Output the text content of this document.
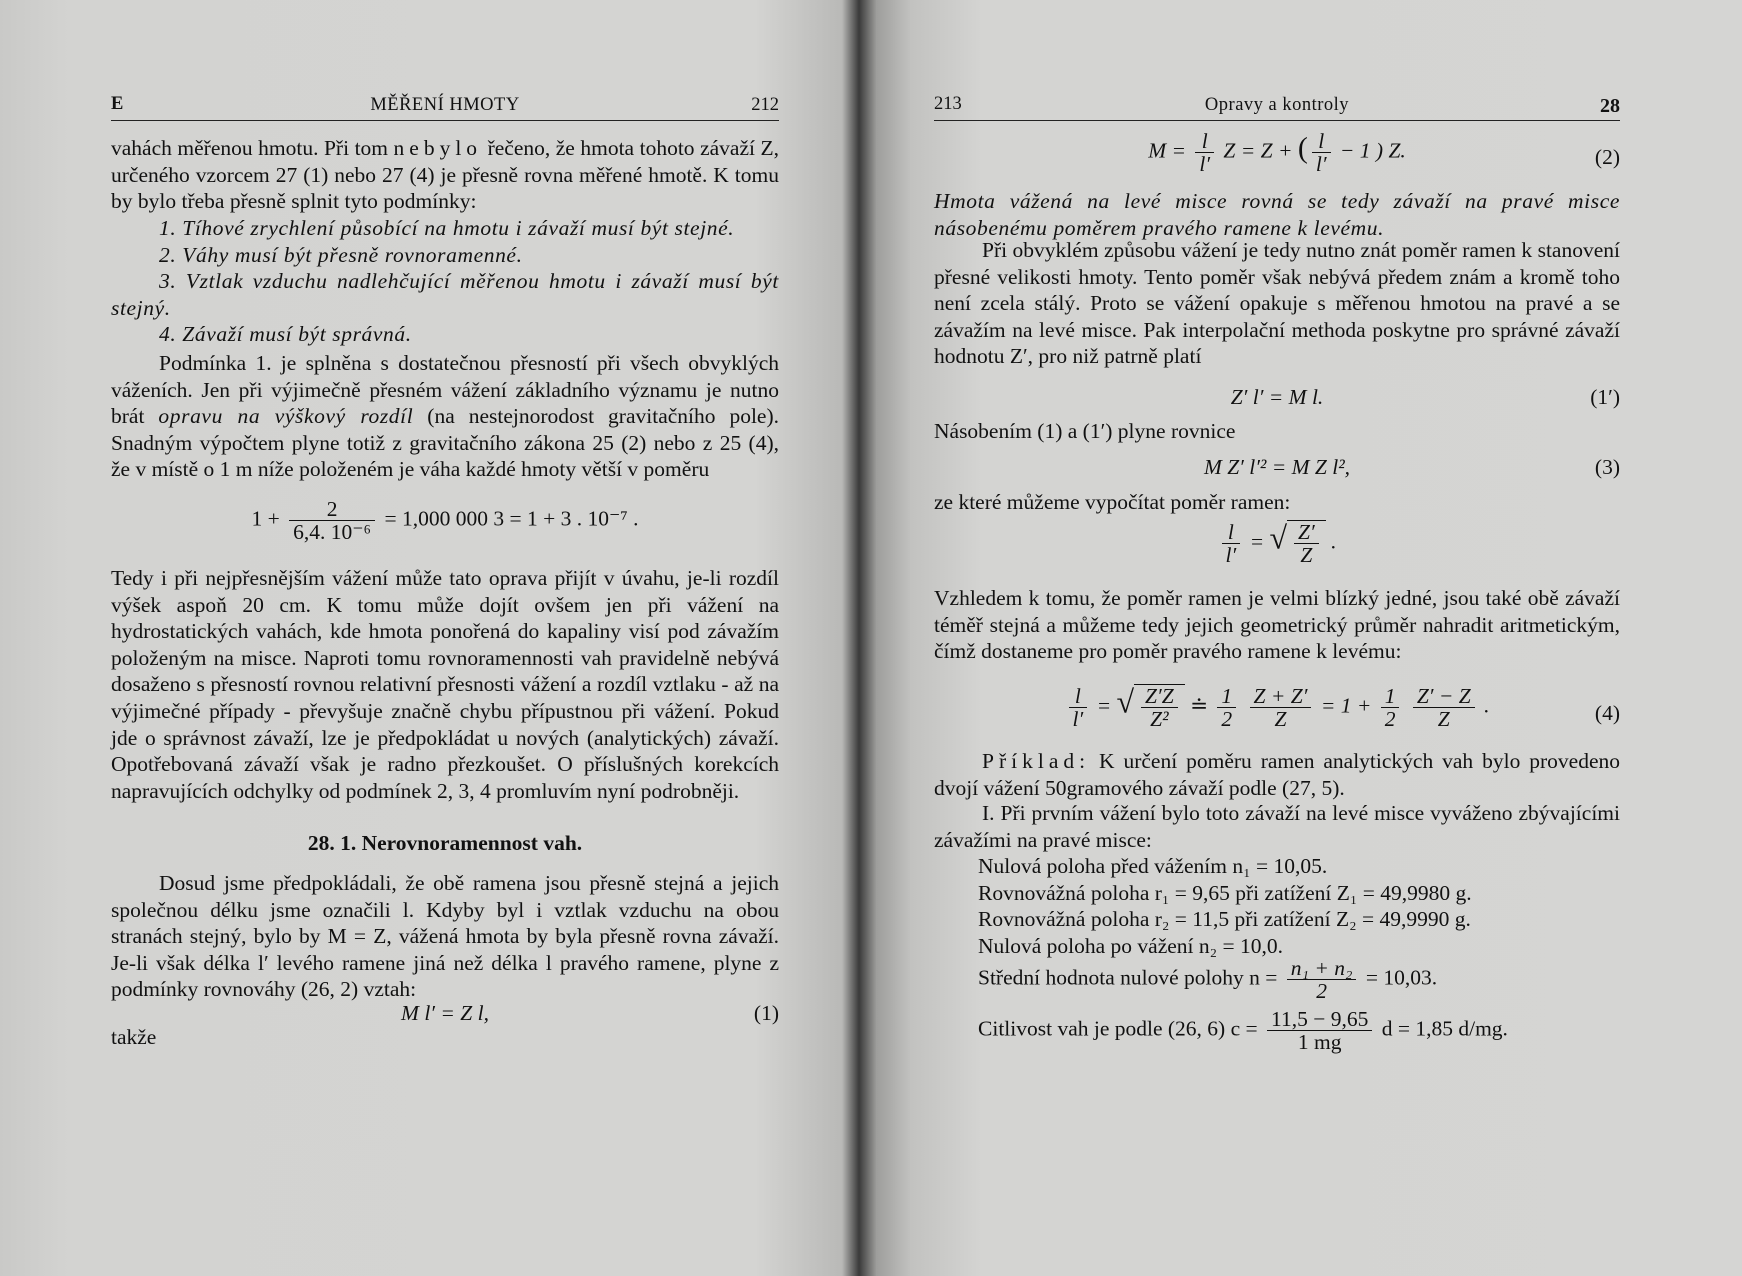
E	MĚŘENÍ HMOTY	212

vahách měřenou hmotu. Při tom nebylo řečeno, že hmota tohoto závaží Z, určeného vzorcem 27 (1) nebo 27 (4) je přesně rovna měřené hmotě. K tomu by bylo třeba přesně splnit tyto podmínky:

1. Tíhové zrychlení působící na hmotu i závaží musí být stejné.

2. Váhy musí být přesně rovnoramenné.

3. Vztlak vzduchu nadlehčující měřenou hmotu i závaží musí být stejný.

4. Závaží musí být správná.

Podmínka 1. je splněna s dostatečnou přesností při všech obvyklých váženích. Jen při výjimečně přesném vážení základního významu je nutno brát opravu na výškový rozdíl (na nestejnorodost gravitačního pole). Snadným výpočtem plyne totiž z gravitačního zákona 25 (2) nebo z 25 (4), že v místě o 1 m níže položeném je váha každé hmoty větší v poměru

$1 + \frac{2}{\text{6,4. 10⁻⁶}} = 1,000$ 000 3 = 1 + 3 . 10⁻⁷ .

Tedy i při nejpřesnějším vážení může tato oprava přijít v úvahu, je-li rozdíl výšek aspoň 20 cm. K tomu může dojít ovšem jen při vážení na hydrostatických vahách, kde hmota ponořená do kapaliny visí pod závažím položeným na misce. Naproti tomu rovnoramennosti vah pravidelně nebývá dosaženo s přesností rovnou relativní přesnosti vážení a rozdíl vztlaku - až na výjimečné případy - převyšuje značně chybu přípustnou při vážení. Pokud jde o správnost závaží, lze je předpokládat u nových (analytických) závaží. Opotřebovaná závaží však je radno přezkoušet. O příslušných korekcích napravujících odchylky od podmínek 2, 3, 4 promluvím nyní podrobněji.

28. 1. Nerovnoramennost vah.

Dosud jsme předpokládali, že obě ramena jsou přesně stejná a jejich společnou délku jsme označili l. Kdyby byl i vztlak vzduchu na obou stranách stejný, bylo by M = Z, vážená hmota by byla přesně rovna závaží. Je-li však délka l′ levého ramene jiná než délka l pravého ramene, plyne z podmínky rovnováhy (26, 2) vztah:

M l′ = Z l,	(1)

takže

213	Opravy a kontroly	28
$M = \frac{l}{l'}$ Z = Z + ( $\frac{l}{l'} - 1$ ) Z.	(2)

Hmota vážená na levé misce rovná se tedy závaží na pravé misce násobenému poměrem pravého ramene k levému.

Při obvyklém způsobu vážení je tedy nutno znát poměr ramen k stanovení přesné velikosti hmoty. Tento poměr však nebývá předem znám a kromě toho není zcela stálý. Proto se vážení opakuje s měřenou hmotou na pravé a se závažím na levé misce. Pak interpolační methoda poskytne pro správné závaží hodnotu Z′, pro niž patrně platí

Z′ l′ = M l.	(1′)

Násobením (1) a (1′) plyne rovnice

M Z′ l′² = M Z l²,	(3)

ze které můžeme vypočítat poměr ramen:

$\frac{l}{l'}$ = √ $\frac{Z'}{Z}$ .

Vzhledem k tomu, že poměr ramen je velmi blízký jedné, jsou také obě závaží téměř stejná a můžeme tedy jejich geometrický průměr nahradit aritmetickým, čímž dostaneme pro poměr pravého ramene k levému:

$\frac{l}{l'}$ = √ $\frac{Z'Z}{\text{Z²}}$ ≐ $\frac{1}{2}$
$\frac{Z + Z'}{Z} = 1 + \frac{1}{2}$
$\frac{Z' - Z}{Z}$ .	(4)

Příklad: K určení poměru ramen analytických vah bylo provedeno dvojí vážení 50gramového závaží podle (27, 5).

I. Při prvním vážení bylo toto závaží na levé misce vyváženo zbývajícími závažími na pravé misce:

Nulová poloha před vážením n₁ = 10,05.

Rovnovážná poloha r₁ = 9,65 při zatížení Z₁ = 49,9980 g.

Rovnovážná poloha r₂ = 11,5 při zatížení Z₂ = 49,9990 g.

Nulová poloha po vážení n₂ = 10,0.

Střední hodnota nulové polohy $n = \frac{\text{n₁ + n₂}}{2} = 10,03$.
Citlivost vah je podle (26, 6) $c = \frac{11,5 - 9,65}{1 mg}$ d = 1,85 d/mg.
